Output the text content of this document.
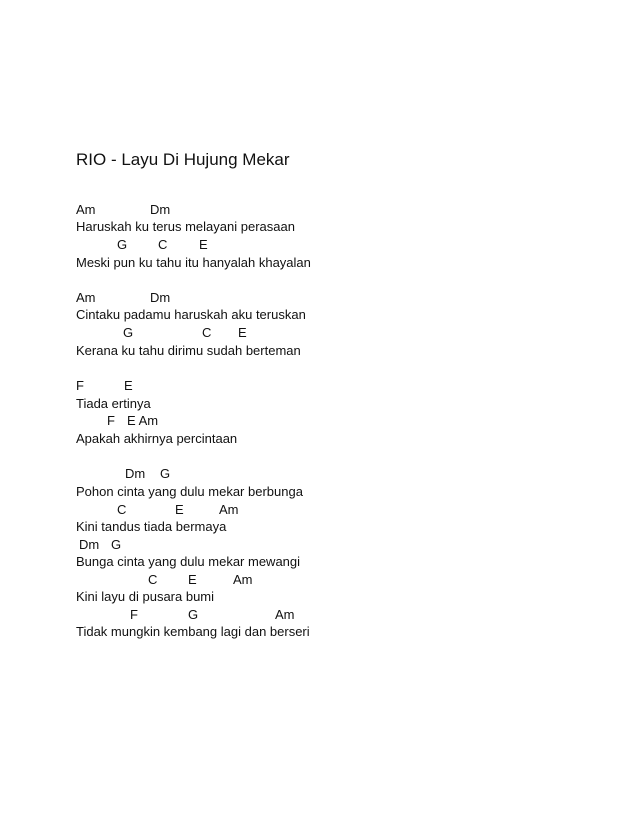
RIO - Layu Di Hujung Mekar
Am	Dm
Haruskah ku terus melayani perasaan
G C E
Meski pun ku tahu itu hanyalah khayalan
Am	Dm
Cintaku padamu haruskah aku teruskan
G	C E
Kerana ku tahu dirimu sudah berteman
F	E
Tiada ertinya
F E Am
Apakah akhirnya percintaan
Dm G
Pohon cinta yang dulu mekar berbunga
C	E	Am
Kini tandus tiada bermaya
Dm G
Bunga cinta yang dulu mekar mewangi
C E	Am
Kini layu di pusara bumi
F	G	Am
Tidak mungkin kembang lagi dan berseri
